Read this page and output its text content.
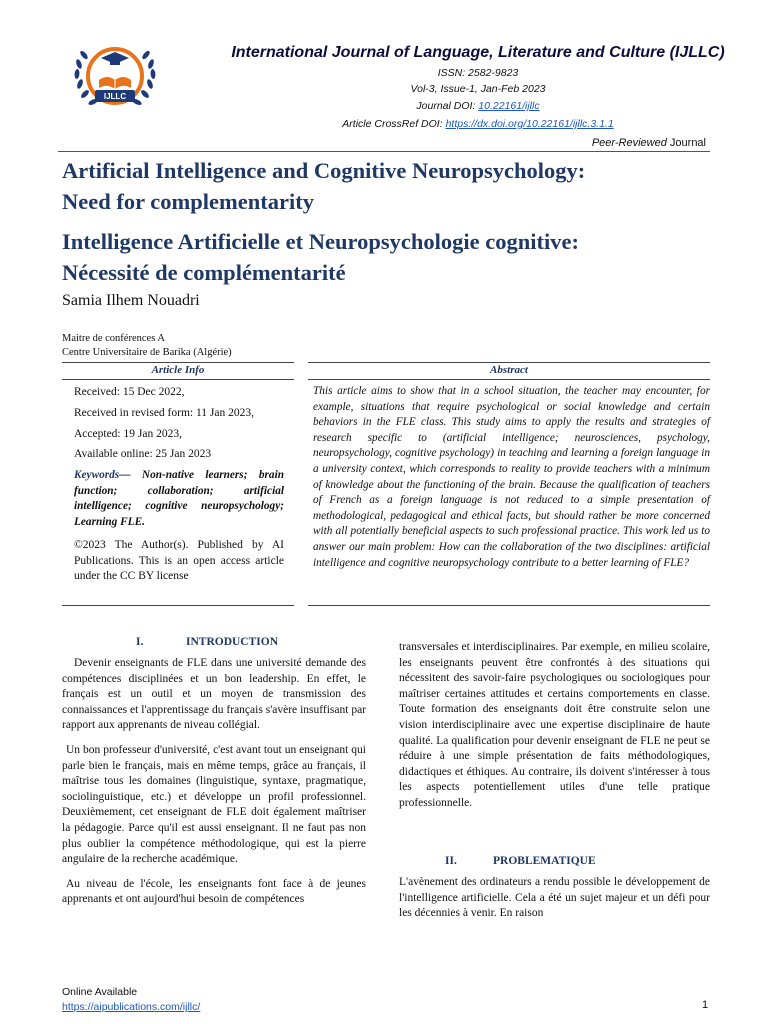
IJLLC
International Journal of Language, Literature and Culture (IJLLC)
ISSN: 2582-9823
Vol-3, Issue-1, Jan-Feb 2023
Journal DOI: 10.22161/ijllc
Article CrossRef DOI: https://dx.doi.org/10.22161/ijllc.3.1.1
Peer-Reviewed Journal
Artificial Intelligence and Cognitive Neuropsychology:
Need for complementarity
Intelligence Artificielle et Neuropsychologie cognitive:
Nécessité de complémentarité
Samia Ilhem Nouadri
Maitre de conférences A
Centre Universitaire de Barika (Algérie)
Article Info
Received: 15 Dec 2022,
Received in revised form: 11 Jan 2023,
Accepted: 19 Jan 2023,
Available online: 25 Jan 2023
Keywords— Non-native learners; brain function; collaboration; artificial intelligence; cognitive neuropsychology; Learning FLE.
©2023 The Author(s). Published by AI Publications. This is an open access article under the CC BY license
Abstract
This article aims to show that in a school situation, the teacher may encounter, for example, situations that require psychological or social knowledge and certain behaviors in the FLE class. This study aims to apply the results and strategies of research specific to (artificial intelligence; neurosciences, psychology, neuropsychology, cognitive psychology) in teaching and learning a foreign language in a university context, which corresponds to reality to provide teachers with a minimum of knowledge about the functioning of the brain. Because the qualification of teachers of French as a foreign language is not reduced to a simple presentation of methodological, pedagogical and ethical facts, but should rather be more concerned with all potentially beneficial aspects to such professional practice. This work led us to answer our main problem: How can the collaboration of the two disciplines: artificial intelligence and cognitive neuropsychology contribute to a better learning of FLE?
I.	INTRODUCTION

Devenir enseignants de FLE dans une université demande des compétences disciplinées et un bon leadership. En effet, le français est un outil et un moyen de transmission des connaissances et l'apprentissage du français s'avère insuffisant par rapport aux apprenants de niveau collégial.

Un bon professeur d'université, c'est avant tout un enseignant qui parle bien le français, mais en même temps, grâce au français, il maîtrise tous les domaines (linguistique, syntaxe, pragmatique, sociolinguistique, etc.) et développe un profil professionnel. Deuxièmement, cet enseignant de FLE doit également maîtriser la pédagogie. Parce qu'il est aussi enseignant. Il ne faut pas non plus oublier la compétence méthodologique, qui est la pierre angulaire de la recherche académique.

Au niveau de l'école, les enseignants font face à de jeunes apprenants et ont aujourd'hui besoin de compétences

transversales et interdisciplinaires. Par exemple, en milieu scolaire, les enseignants peuvent être confrontés à des situations qui nécessitent des savoir-faire psychologiques ou sociologiques pour maîtriser certaines attitudes et certains comportements en classe. Toute formation des enseignants doit être construite selon une vision interdisciplinaire avec une expertise disciplinaire de haute qualité. La qualification pour devenir enseignant de FLE ne peut se réduire à une simple présentation de faits méthodologiques, didactiques et éthiques. Au contraire, ils doivent s'intéresser à tous les aspects potentiellement utiles d'une telle pratique professionnelle.
II.	PROBLEMATIQUE
L'avènement des ordinateurs a rendu possible le développement de l'intelligence artificielle. Cela a été un sujet majeur et un défi pour les décennies à venir. En raison
Online Available
https://aipublications.com/ijllc/	1
